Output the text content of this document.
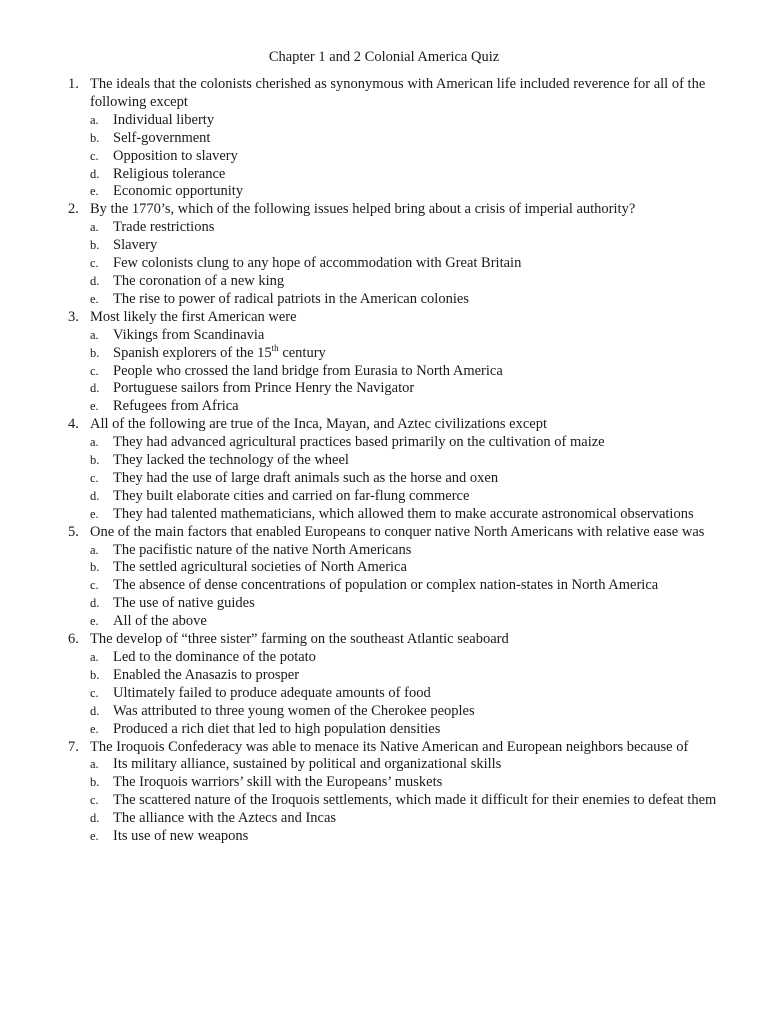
Chapter 1 and 2 Colonial America Quiz
1. The ideals that the colonists cherished as synonymous with American life included reverence for all of the following except
a. Individual liberty
b. Self-government
c. Opposition to slavery
d. Religious tolerance
e. Economic opportunity
2. By the 1770’s, which of the following issues helped bring about a crisis of imperial authority?
a. Trade restrictions
b. Slavery
c. Few colonists clung to any hope of accommodation with Great Britain
d. The coronation of a new king
e. The rise to power of radical patriots in the American colonies
3. Most likely the first American were
a. Vikings from Scandinavia
b. Spanish explorers of the 15th century
c. People who crossed the land bridge from Eurasia to North America
d. Portuguese sailors from Prince Henry the Navigator
e. Refugees from Africa
4. All of the following are true of the Inca, Mayan, and Aztec civilizations except
a. They had advanced agricultural practices based primarily on the cultivation of maize
b. They lacked the technology of the wheel
c. They had the use of large draft animals such as the horse and oxen
d. They built elaborate cities and carried on far-flung commerce
e. They had talented mathematicians, which allowed them to make accurate astronomical observations
5. One of the main factors that enabled Europeans to conquer native North Americans with relative ease was
a. The pacifistic nature of the native North Americans
b. The settled agricultural societies of North America
c. The absence of dense concentrations of population or complex nation-states in North America
d. The use of native guides
e. All of the above
6. The develop of “three sister” farming on the southeast Atlantic seaboard
a. Led to the dominance of the potato
b. Enabled the Anasazis to prosper
c. Ultimately failed to produce adequate amounts of food
d. Was attributed to three young women of the Cherokee peoples
e. Produced a rich diet that led to high population densities
7. The Iroquois Confederacy was able to menace its Native American and European neighbors because of
a. Its military alliance, sustained by political and organizational skills
b. The Iroquois warriors’ skill with the Europeans’ muskets
c. The scattered nature of the Iroquois settlements, which made it difficult for their enemies to defeat them
d. The alliance with the Aztecs and Incas
e. Its use of new weapons
